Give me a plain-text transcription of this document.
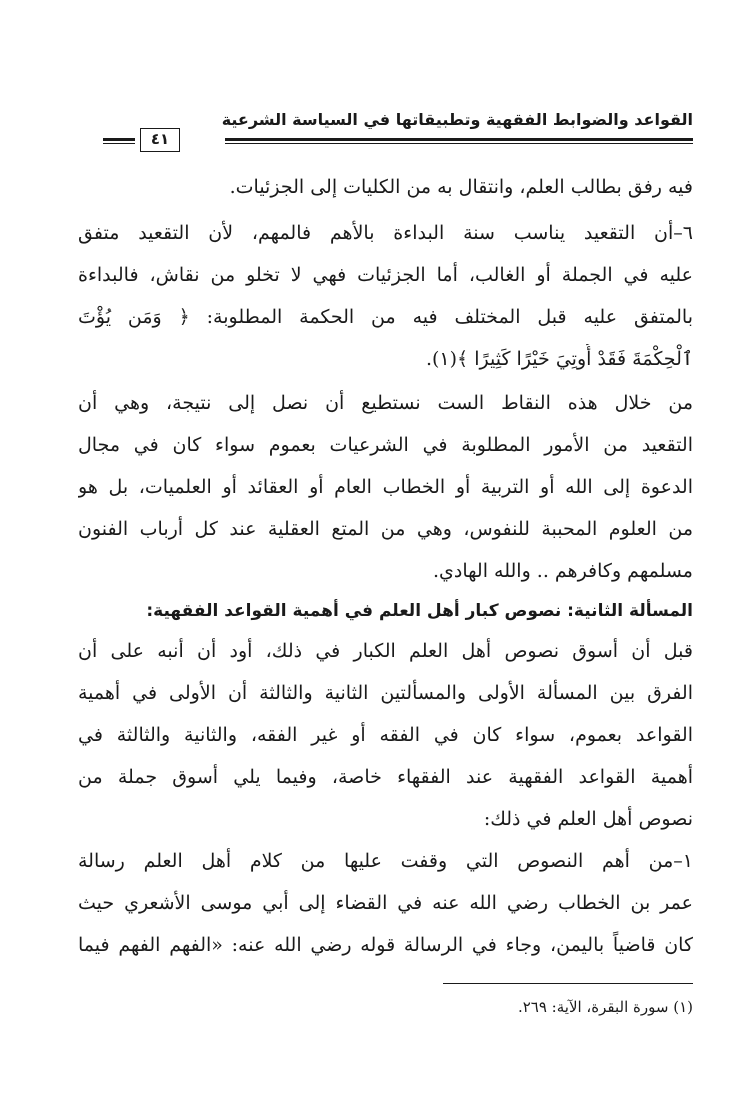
القواعد والضوابط الفقهية وتطبيقاتها في السياسة الشرعية
٤١
فيه رفق بطالب العلم، وانتقال به من الكليات إلى الجزئيات.
٦–أن التقعيد يناسب سنة البداءة بالأهم فالمهم، لأن التقعيد متفق
عليه في الجملة أو الغالب، أما الجزئيات فهي لا تخلو من نقاش، فالبداءة
بالمتفق عليه قبل المختلف فيه من الحكمة المطلوبة: ﴿ وَمَن يُؤْتَ
ٱلْحِكْمَةَ فَقَدْ أُوتِيَ خَيْرًا كَثِيرًا ﴾(١).
من خلال هذه النقاط الست نستطيع أن نصل إلى نتيجة، وهي أن
التقعيد من الأمور المطلوبة في الشرعيات بعموم سواء كان في مجال
الدعوة إلى الله أو التربية أو الخطاب العام أو العقائد أو العلميات، بل هو
من العلوم المحببة للنفوس، وهي من المتع العقلية عند كل أرباب الفنون
مسلمهم وكافرهم .. والله الهادي.
المسألة الثانية: نصوص كبار أهل العلم في أهمية القواعد الفقهية:
قبل أن أسوق نصوص أهل العلم الكبار في ذلك، أود أن أنبه على أن
الفرق بين المسألة الأولى والمسألتين الثانية والثالثة أن الأولى في أهمية
القواعد بعموم، سواء كان في الفقه أو غير الفقه، والثانية والثالثة في
أهمية القواعد الفقهية عند الفقهاء خاصة، وفيما يلي أسوق جملة من
نصوص أهل العلم في ذلك:
١–من أهم النصوص التي وقفت عليها من كلام أهل العلم رسالة
عمر بن الخطاب رضي الله عنه في القضاء إلى أبي موسى الأشعري حيث
كان قاضياً باليمن، وجاء في الرسالة قوله رضي الله عنه: «الفهم الفهم فيما
(١) سورة البقرة، الآية: ٢٦٩.
